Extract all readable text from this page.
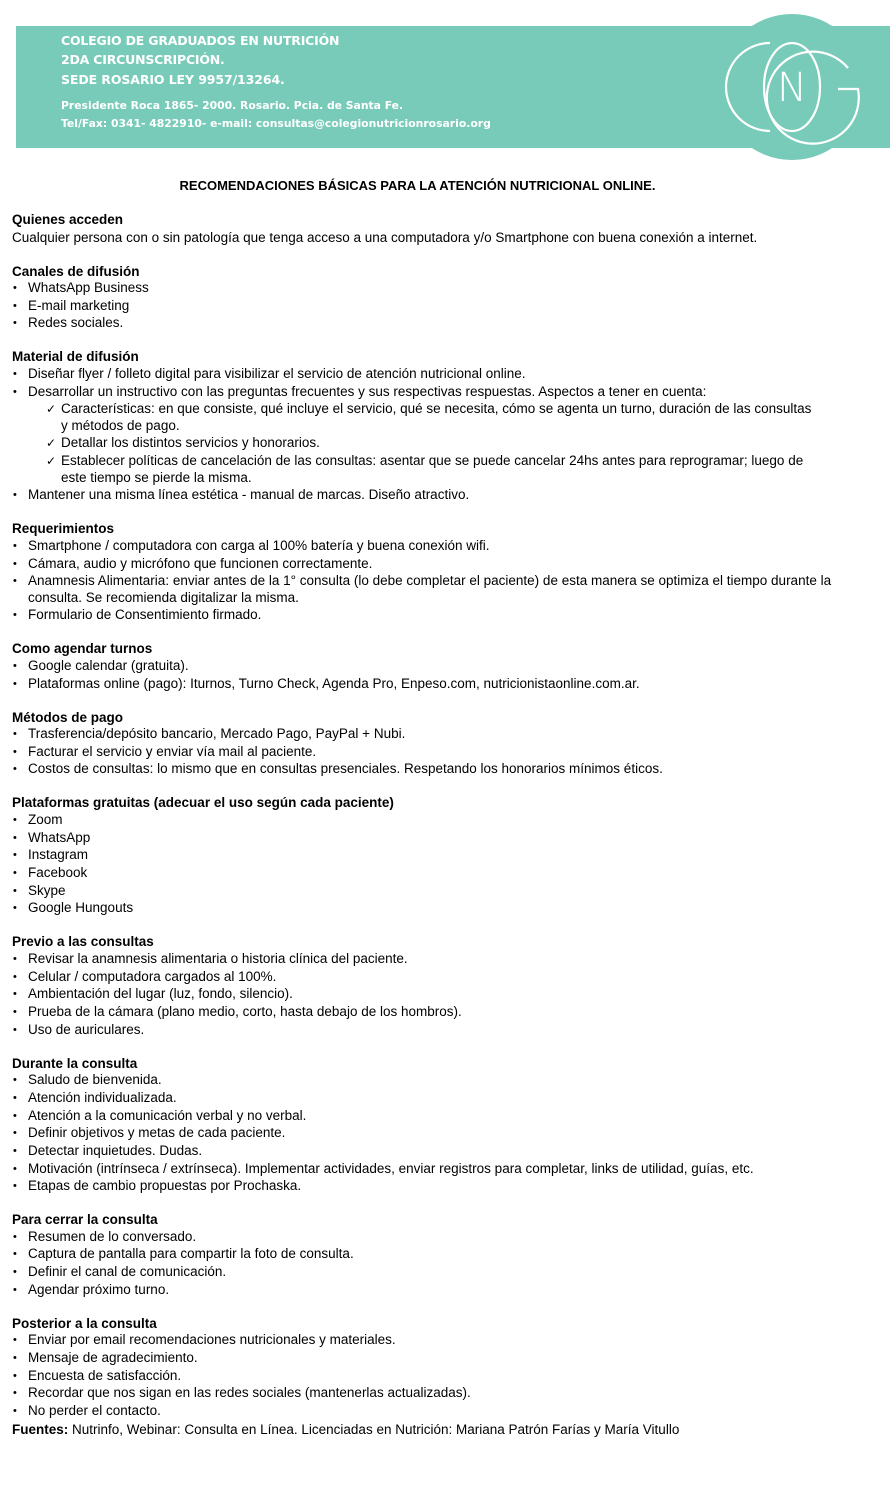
COLEGIO DE GRADUADOS EN NUTRICIÓN
2DA CIRCUNSCRIPCIÓN.
SEDE ROSARIO LEY 9957/13264.
Presidente Roca 1865- 2000. Rosario. Pcia. de Santa Fe.
Tel/Fax: 0341- 4822910- e-mail: consultas@colegionutricionrosario.org
N
RECOMENDACIONES BÁSICAS PARA LA ATENCIÓN NUTRICIONAL ONLINE.
Quienes acceden
Cualquier persona con o sin patología que tenga acceso a una computadora y/o Smartphone con buena conexión a internet.
Canales de difusión
• WhatsApp Business
• E-mail marketing
• Redes sociales.
Material de difusión
• Diseñar flyer / folleto digital para visibilizar el servicio de atención nutricional online.
• Desarrollar un instructivo con las preguntas frecuentes y sus respectivas respuestas. Aspectos a tener en cuenta:
✓ Características: en que consiste, qué incluye el servicio, qué se necesita, cómo se agenta un turno, duración de las consultas y métodos de pago.
✓ Detallar los distintos servicios y honorarios.
✓ Establecer políticas de cancelación de las consultas: asentar que se puede cancelar 24hs antes para reprogramar; luego de este tiempo se pierde la misma.
• Mantener una misma línea estética - manual de marcas. Diseño atractivo.
Requerimientos
• Smartphone / computadora con carga al 100% batería y buena conexión wifi.
• Cámara, audio y micrófono que funcionen correctamente.
• Anamnesis Alimentaria: enviar antes de la 1° consulta (lo debe completar el paciente) de esta manera se optimiza el tiempo durante la consulta. Se recomienda digitalizar la misma.
• Formulario de Consentimiento firmado.
Como agendar turnos
• Google calendar (gratuita).
• Plataformas online (pago): Iturnos, Turno Check, Agenda Pro, Enpeso.com, nutricionistaonline.com.ar.
Métodos de pago
• Trasferencia/depósito bancario, Mercado Pago, PayPal + Nubi.
• Facturar el servicio y enviar vía mail al paciente.
• Costos de consultas: lo mismo que en consultas presenciales. Respetando los honorarios mínimos éticos.
Plataformas gratuitas (adecuar el uso según cada paciente)
• Zoom
• WhatsApp
• Instagram
• Facebook
• Skype
• Google Hungouts
Previo a las consultas
• Revisar la anamnesis alimentaria o historia clínica del paciente.
• Celular / computadora cargados al 100%.
• Ambientación del lugar (luz, fondo, silencio).
• Prueba de la cámara (plano medio, corto, hasta debajo de los hombros).
• Uso de auriculares.
Durante la consulta
• Saludo de bienvenida.
• Atención individualizada.
• Atención a la comunicación verbal y no verbal.
• Definir objetivos y metas de cada paciente.
• Detectar inquietudes. Dudas.
• Motivación (intrínseca / extrínseca). Implementar actividades, enviar registros para completar, links de utilidad, guías, etc.
• Etapas de cambio propuestas por Prochaska.
Para cerrar la consulta
• Resumen de lo conversado.
• Captura de pantalla para compartir la foto de consulta.
• Definir el canal de comunicación.
• Agendar próximo turno.
Posterior a la consulta
• Enviar por email recomendaciones nutricionales y materiales.
• Mensaje de agradecimiento.
• Encuesta de satisfacción.
• Recordar que nos sigan en las redes sociales (mantenerlas actualizadas).
• No perder el contacto.
Fuentes: Nutrinfo, Webinar: Consulta en Línea. Licenciadas en Nutrición: Mariana Patrón Farías y María Vitullo
